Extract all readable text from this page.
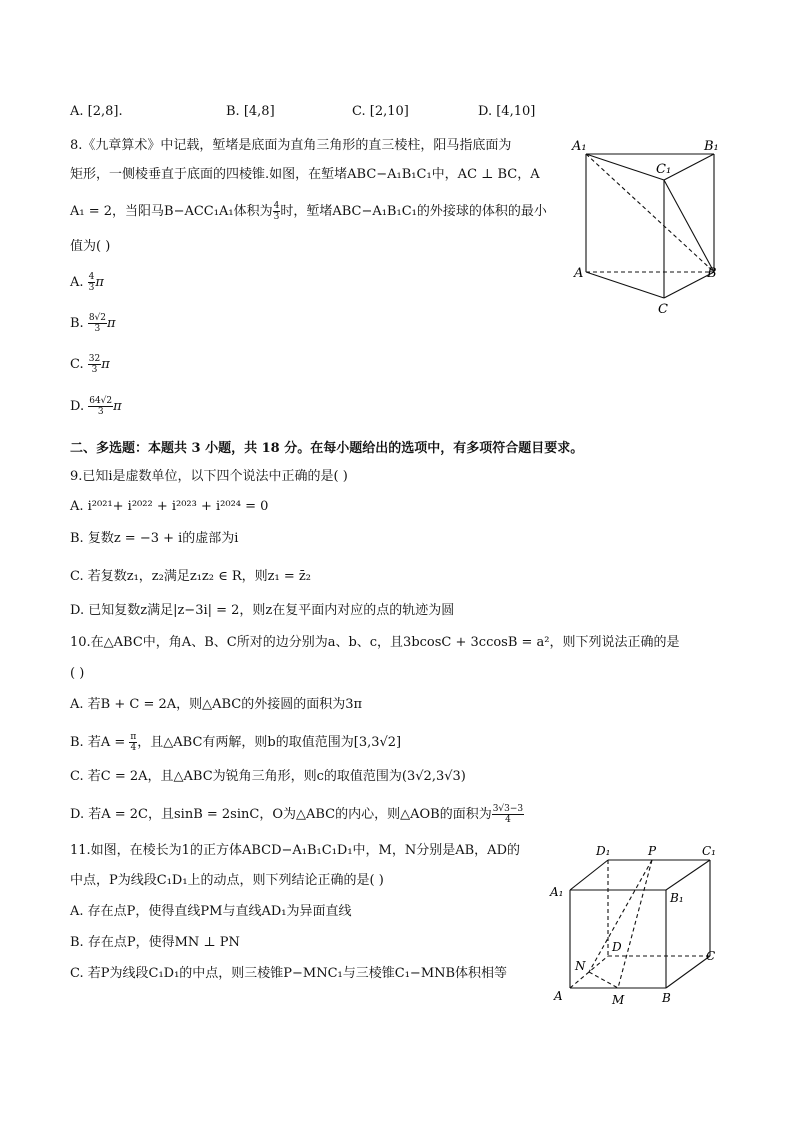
A. [2,8].	B. [4,8]	C. [2,10]	D. [4,10]
8.《九章算术》中记载，堑堵是底面为直角三角形的直三棱柱，阳马指底面为
矩形，一侧棱垂直于底面的四棱锥.如图，在堑堵ABC−A₁B₁C₁中，AC ⊥ BC，A
A₁ = 2，当阳马B−ACC₁A₁体积为 $\frac{4}{3}$ 时，堑堵ABC−A₁B₁C₁的外接球的体积的最小
值为( )
A. $\frac{4}{3}$ π
B. $\frac{8√2}{3}$ π
C. $\frac{32}{3}$ π
D. $\frac{64√2}{3}$ π
A₁	B₁
C₁
A	B
C
二、多选题：本题共 3 小题，共 18 分。在每小题给出的选项中，有多项符合题目要求。
9.已知i是虚数单位，以下四个说法中正确的是( )
A. i²⁰²¹+ i²⁰²² + i²⁰²³ + i²⁰²⁴ = 0
B. 复数z = −3 + i的虚部为i
C. 若复数z₁，z₂满足z₁z₂ ∈ R，则z₁ = z̄₂
D. 已知复数z满足|z−3i| = 2，则z在复平面内对应的点的轨迹为圆
10.在△ABC中，角A、B、C所对的边分别为a、b、c，且3bcosC + 3ccosB = a²，则下列说法正确的是
( )
A. 若B + C = 2A，则△ABC的外接圆的面积为3π
B. 若$A = \frac{\pi}{4}$ ，且△ABC有两解，则b的取值范围为[3,3√2]
C. 若C = 2A，且△ABC为锐角三角形，则c的取值范围为(3√2,3√3)
D. 若A = 2C，且sinB = 2sinC，O为△ABC的内心，则△AOB的面积为 $\frac{3√3-3}{4}$
11.如图，在棱长为1的正方体ABCD−A₁B₁C₁D₁中，M，N分别是AB，AD的
中点，P为线段C₁D₁上的动点，则下列结论正确的是( )
A. 存在点P，使得直线PM与直线AD₁为异面直线
B. 存在点P，使得MN ⊥ PN
C. 若P为线段C₁D₁的中点，则三棱锥P−MNC₁与三棱锥C₁−MNB体积相等
D₁	P	C₁
A₁	B₁
D
C
N
A	M	B
